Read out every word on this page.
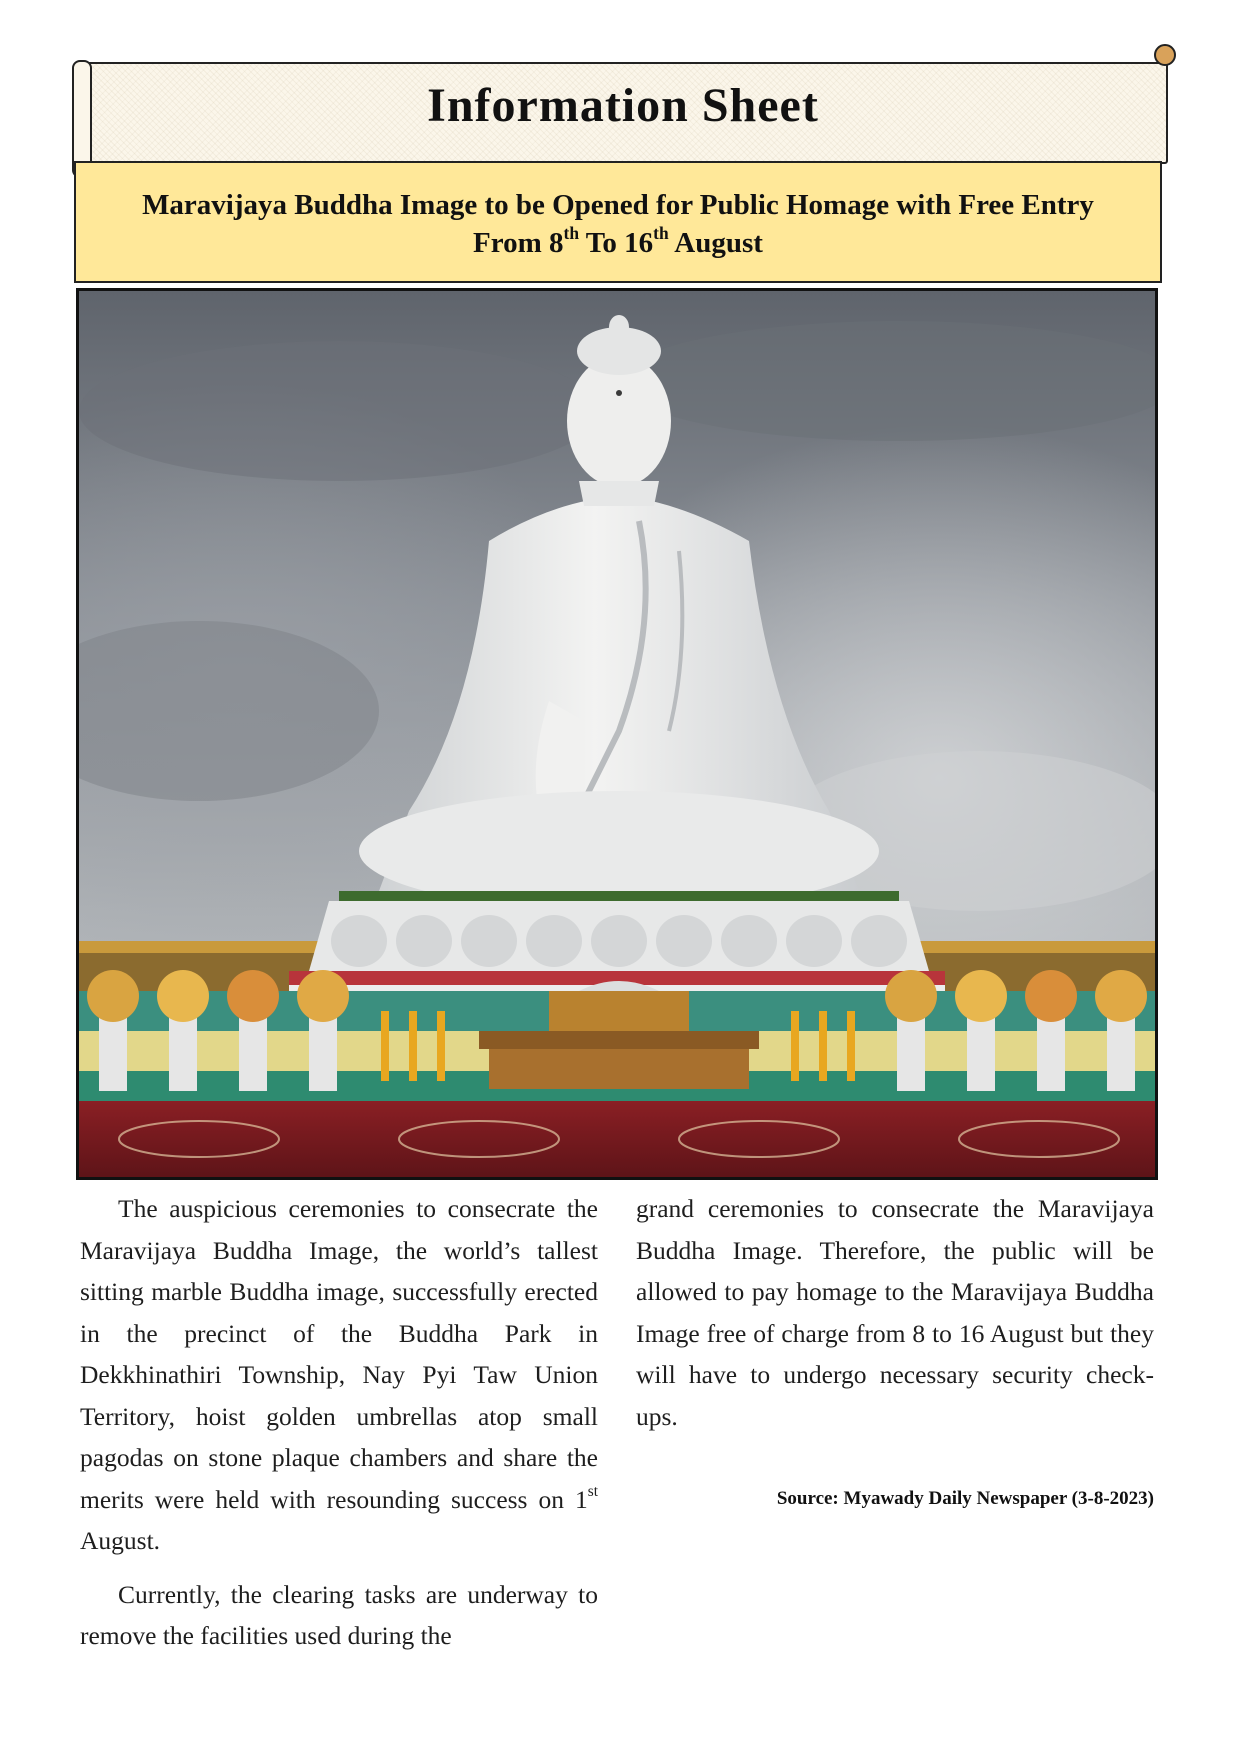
Information Sheet
Maravijaya Buddha Image to be Opened for Public Homage with Free Entry
From 8th To 16th August

The auspicious ceremonies to consecrate the Maravijaya Buddha Image, the world’s tallest sitting marble Buddha image, successfully erected in the precinct of the Buddha Park in Dekkhinathiri Township, Nay Pyi Taw Union Territory, hoist golden umbrellas atop small pagodas on stone plaque chambers and share the merits were held with resounding success on 1st August.

Currently, the clearing tasks are underway to remove the facilities used during the

grand ceremonies to consecrate the Maravijaya Buddha Image. Therefore, the public will be allowed to pay homage to the Maravijaya Buddha Image free of charge from 8 to 16 August but they will have to undergo necessary security check-ups.

Source: Myawady Daily Newspaper (3-8-2023)
